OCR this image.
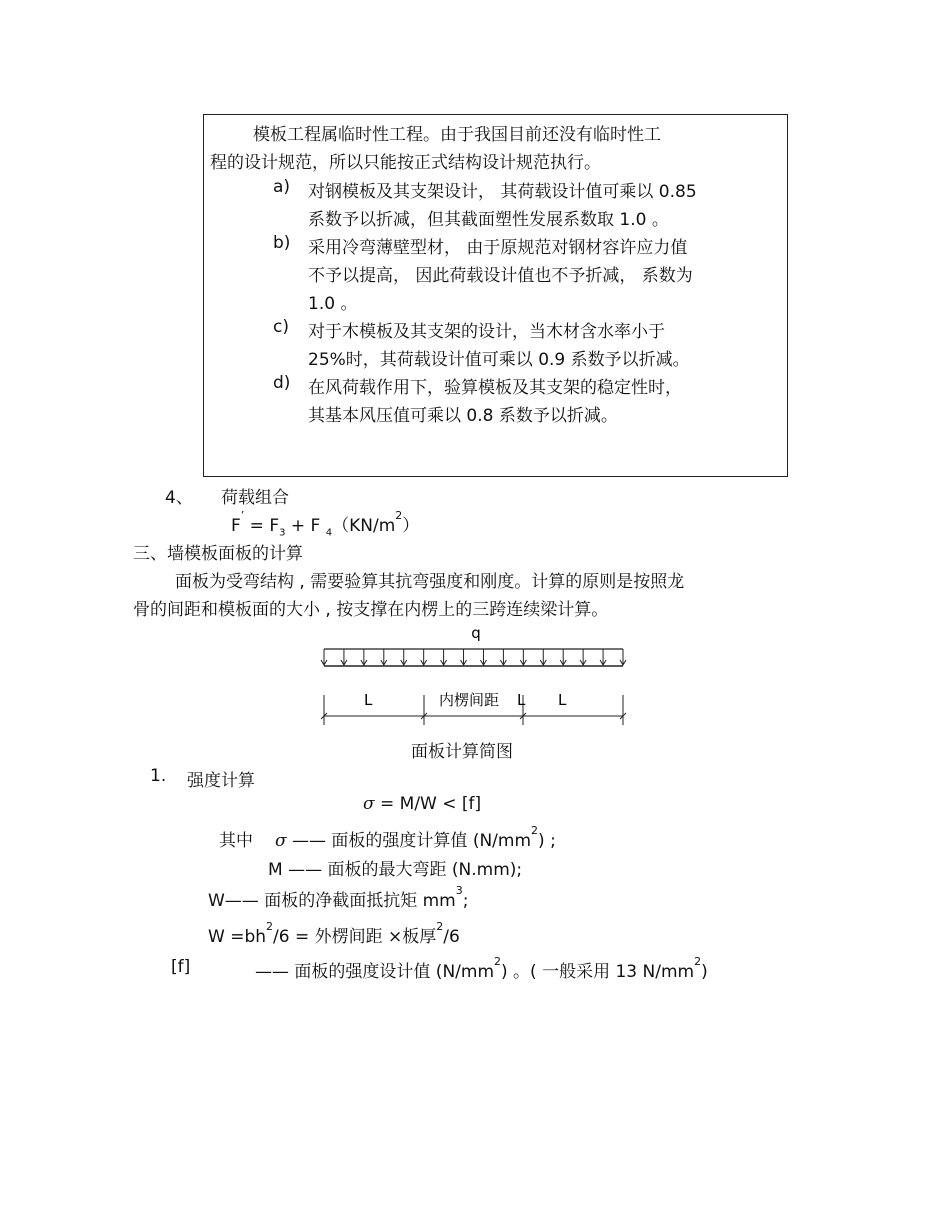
模板工程属临时性工程。由于我国目前还没有临时性工
程的设计规范，所以只能按正式结构设计规范执行。
a) 对钢模板及其支架设计， 其荷载设计值可乘以 0.85
系数予以折减，但其截面塑性发展系数取 1.0 。
b) 采用冷弯薄壁型材， 由于原规范对钢材容许应力值
不予以提高， 因此荷载设计值也不予折减， 系数为
1.0 。
c) 对于木模板及其支架的设计，当木材含水率小于
25%时，其荷载设计值可乘以 0.9 系数予以折减。
d) 在风荷载作用下，验算模板及其支架的稳定性时，
其基本风压值可乘以 0.8 系数予以折减。
4、 荷载组合
$F^’ = F_3 + F$ $_4(KN/m^2)$
三、墙模板面板的计算
面板为受弯结构 , 需要验算其抗弯强度和刚度。计算的原则是按照龙
骨的间距和模板面的大小 , 按支撑在内楞上的三跨连续梁计算。
q
L	内楞间距 L L
面板计算简图
1. 强度计算
σ = M/W < [f]
其中 σ —— 面板的强度计算值 $(N/mm^2)$ ;
M —— 面板的最大弯距 (N.mm);
W—— 面板的净截面抵抗矩 $mm^3$;
$W =bh^2/6$ = 外楞间距 ×板厚$^2$/6
[f]	—— 面板的强度设计值 $(N/mm^2)$ 。( 一般采用 13 $N/mm^2$)
